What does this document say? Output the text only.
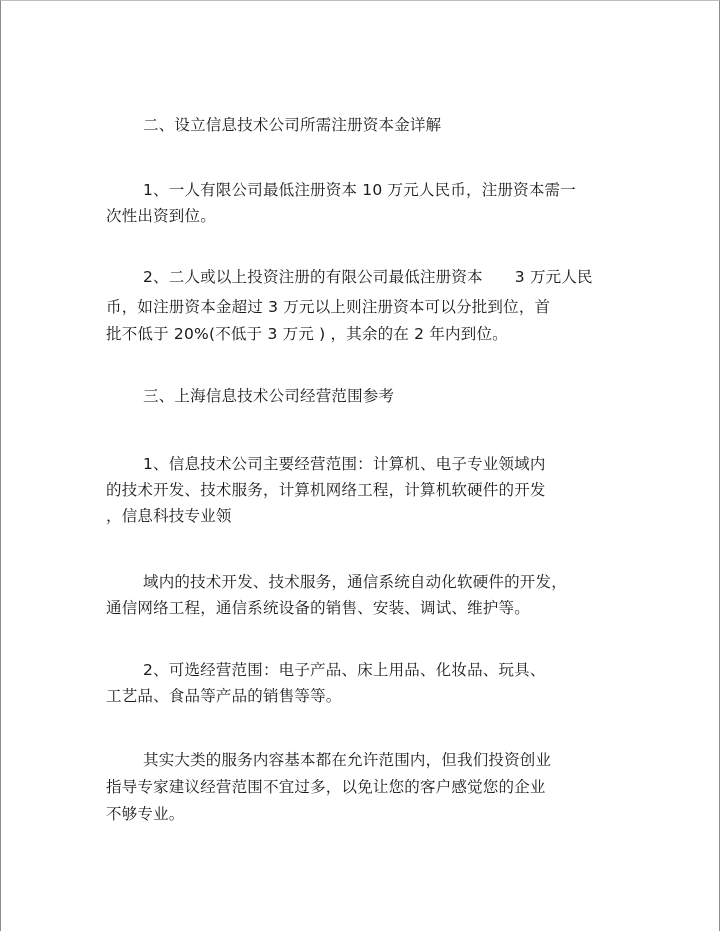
二、设立信息技术公司所需注册资本金详解
1、一人有限公司最低注册资本 10 万元人民币，注册资本需一
次性出资到位。
2、二人或以上投资注册的有限公司最低注册资本 3 万元人民
币，如注册资本金超过 3 万元以上则注册资本可以分批到位，首
批不低于 20%(不低于 3 万元 ) ，其余的在 2 年内到位。
三、上海信息技术公司经营范围参考
1、信息技术公司主要经营范围：计算机、电子专业领域内
的技术开发、技术服务，计算机网络工程，计算机软硬件的开发
，信息科技专业领
域内的技术开发、技术服务，通信系统自动化软硬件的开发，
通信网络工程，通信系统设备的销售、安装、调试、维护等。
2、可选经营范围：电子产品、床上用品、化妆品、玩具、
工艺品、食品等产品的销售等等。
其实大类的服务内容基本都在允许范围内，但我们投资创业
指导专家建议经营范围不宜过多，以免让您的客户感觉您的企业
不够专业。
